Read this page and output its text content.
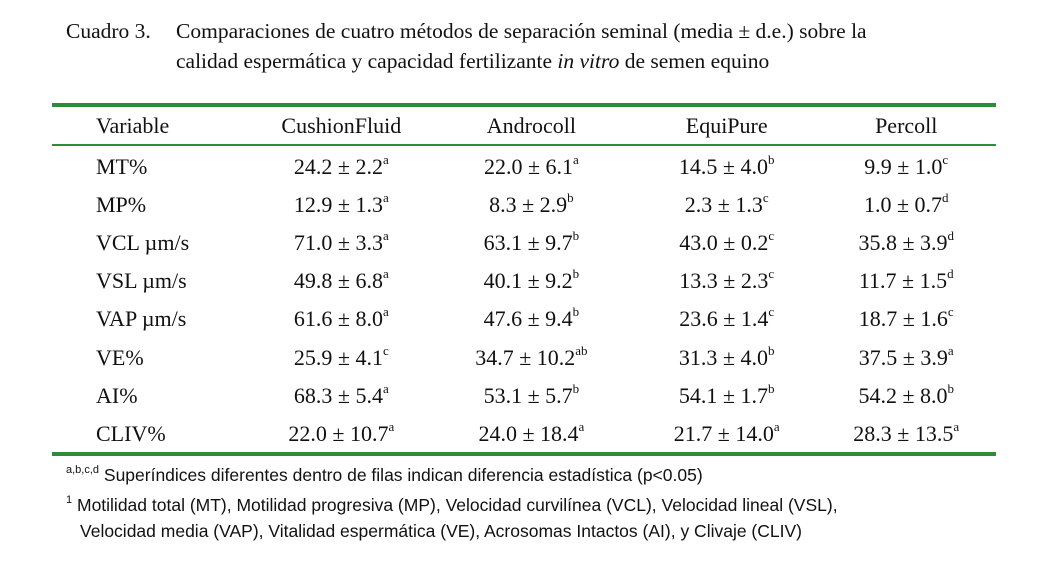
Cuadro 3. Comparaciones de cuatro métodos de separación seminal (media ± d.e.) sobre la
calidad espermática y capacidad fertilizante in vitro de semen equino
Variable	CushionFluid	Androcoll	EquiPure	Percoll
MT%	24.2 ± 2.2$^a$	22.0 ± 6.1$^a$	14.5 ± 4.0$^b$	9.9 ± 1.0$^c$
MP%	12.9 ± 1.3$^a$	8.3 ± 2.9$^b$	2.3 ± 1.3$^c$	1.0 ± 0.7$^d$
VCL µm/s	71.0 ± 3.3$^a$	63.1 ± 9.7$^b$	43.0 ± 0.2$^c$	35.8 ± 3.9$^d$
VSL µm/s	49.8 ± 6.8$^a$	40.1 ± 9.2$^b$	13.3 ± 2.3$^c$	11.7 ± 1.5$^d$
VAP µm/s	61.6 ± 8.0$^a$	47.6 ± 9.4$^b$	23.6 ± 1.4$^c$	18.7 ± 1.6$^c$
VE%	25.9 ± 4.1$^c$	34.7 ± 10.2$^{ab}$	31.3 ± 4.0$^b$	37.5 ± 3.9$^a$
AI%	68.3 ± 5.4$^a$	53.1 ± 5.7$^b$	54.1 ± 1.7$^b$	54.2 ± 8.0$^b$
CLIV%	22.0 ± 10.7$^a$	24.0 ± 18.4$^a$	21.7 ± 14.0$^a$	28.3 ± 13.5$^a$
$^{a,b,c,d}$ Superíndices diferentes dentro de filas indican diferencia estadística (p<0.05)
$^1$ Motilidad total (MT), Motilidad progresiva (MP), Velocidad curvilínea (VCL), Velocidad lineal (VSL),
Velocidad media (VAP), Vitalidad espermática (VE), Acrosomas Intactos (AI), y Clivaje (CLIV)
